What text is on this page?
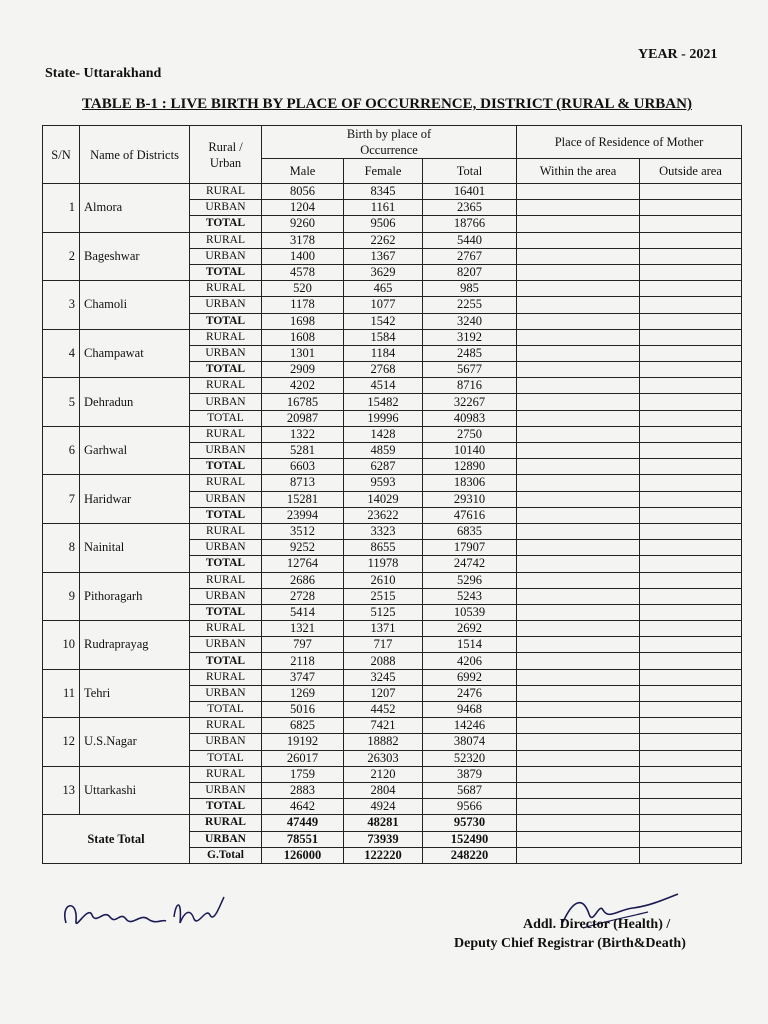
YEAR - 2021
State- Uttarakhand
TABLE B-1 : LIVE BIRTH BY PLACE OF OCCURRENCE, DISTRICT (RURAL & URBAN)
S/N	Name of Districts	Rural / Urban	Birth by place of Occurrence			Place of Residence of Mother	
			Male	Female	Total	Within the area	Outside area
1	Almora	RURAL	8056	8345	16401		
		URBAN	1204	1161	2365		
		TOTAL	9260	9506	18766		
2	Bageshwar	RURAL	3178	2262	5440		
		URBAN	1400	1367	2767		
		TOTAL	4578	3629	8207		
3	Chamoli	RURAL	520	465	985		
		URBAN	1178	1077	2255		
		TOTAL	1698	1542	3240		
4	Champawat	RURAL	1608	1584	3192		
		URBAN	1301	1184	2485		
		TOTAL	2909	2768	5677		
5	Dehradun	RURAL	4202	4514	8716		
		URBAN	16785	15482	32267		
		TOTAL	20987	19996	40983		
6	Garhwal	RURAL	1322	1428	2750		
		URBAN	5281	4859	10140		
		TOTAL	6603	6287	12890		
7	Haridwar	RURAL	8713	9593	18306		
		URBAN	15281	14029	29310		
		TOTAL	23994	23622	47616		
8	Nainital	RURAL	3512	3323	6835		
		URBAN	9252	8655	17907		
		TOTAL	12764	11978	24742		
9	Pithoragarh	RURAL	2686	2610	5296		
		URBAN	2728	2515	5243		
		TOTAL	5414	5125	10539		
10	Rudraprayag	RURAL	1321	1371	2692		
		URBAN	797	717	1514		
		TOTAL	2118	2088	4206		
11	Tehri	RURAL	3747	3245	6992		
		URBAN	1269	1207	2476		
		TOTAL	5016	4452	9468		
12	U.S.Nagar	RURAL	6825	7421	14246		
		URBAN	19192	18882	38074		
		TOTAL	26017	26303	52320		
13	Uttarkashi	RURAL	1759	2120	3879		
		URBAN	2883	2804	5687		
		TOTAL	4642	4924	9566		
State Total		RURAL	47449	48281	95730		
		URBAN	78551	73939	152490		
		G.Total	126000	122220	248220		
Addl. Director (Health) /
Deputy Chief Registrar (Birth&Death)
